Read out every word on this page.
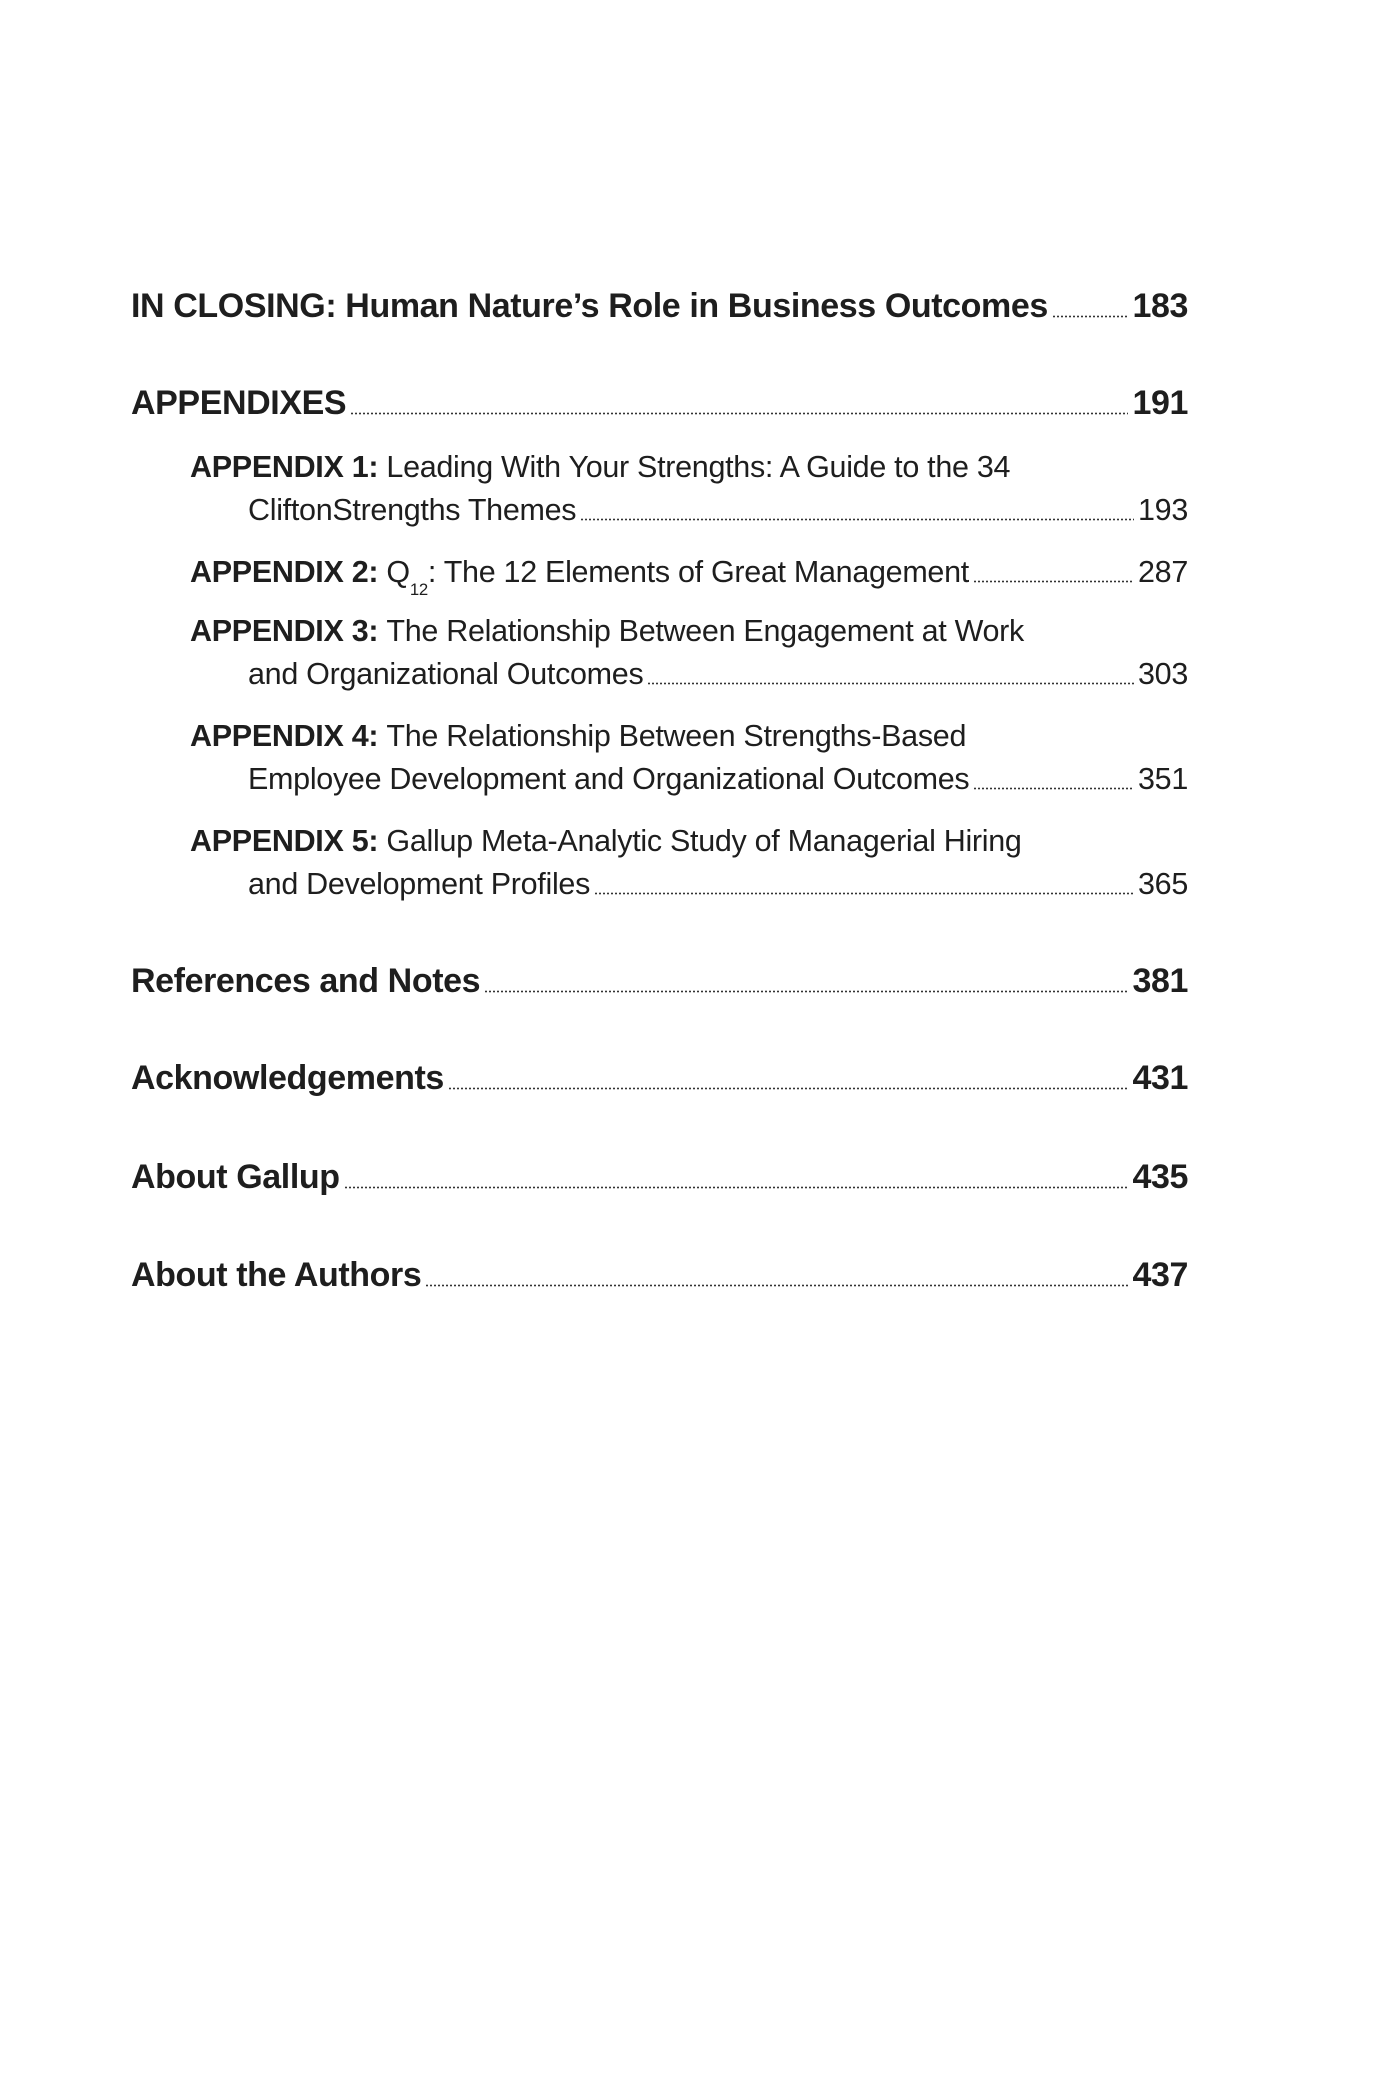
IN CLOSING: Human Nature’s Role in Business Outcomes 183
APPENDIXES	191
APPENDIX 1:
Leading With Your Strengths: A Guide to the 34
CliftonStrengths Themes	193
APPENDIX 2:
Q
12
: The 12 Elements of Great Management	287
APPENDIX 3:
The Relationship Between Engagement at Work
and Organizational Outcomes	303
APPENDIX 4:
The Relationship Between Strengths-Based
Employee Development and Organizational Outcomes	351
APPENDIX 5:
Gallup Meta-Analytic Study of Managerial Hiring
and Development Profiles	365
References and Notes	381
Acknowledgements	431
About Gallup	435
About the Authors	437
